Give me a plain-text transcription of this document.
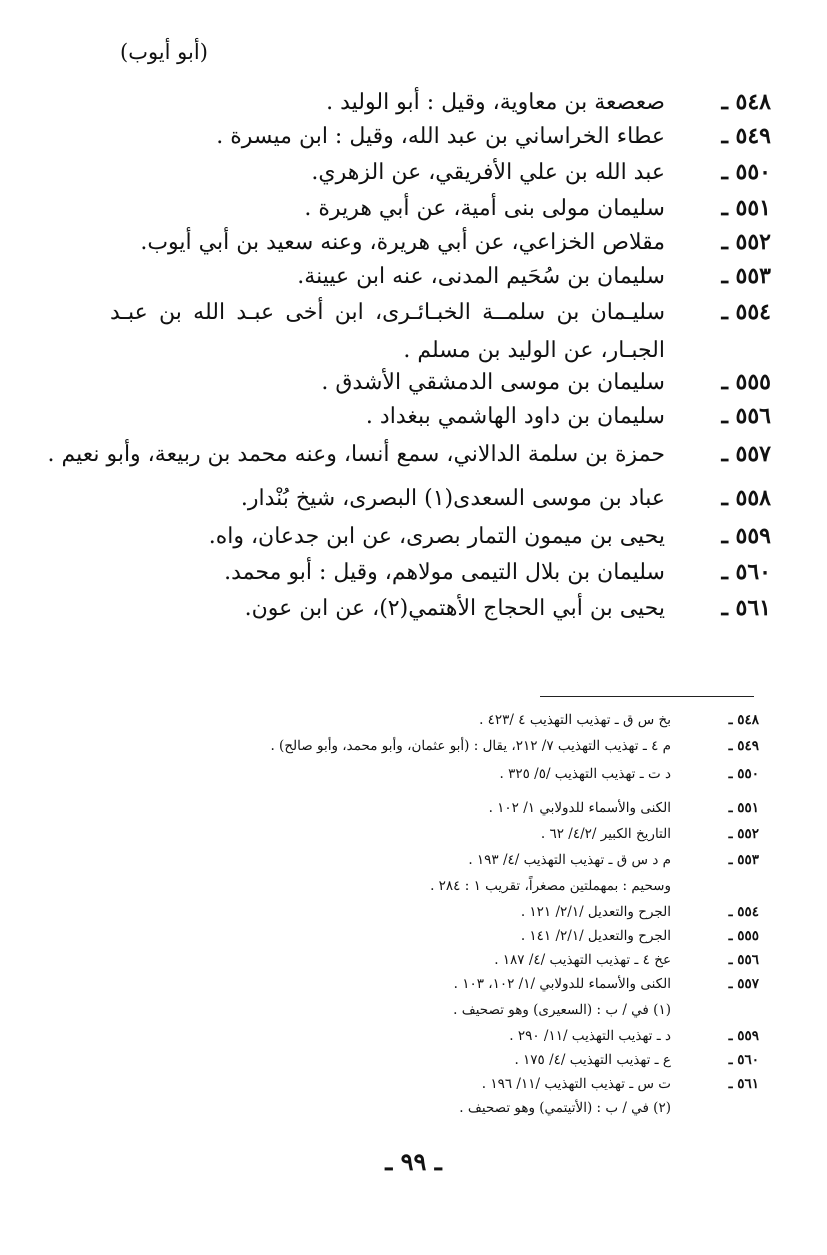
(أبو أيوب)
٥٤٨ ـ
صعصعة بن معاوية، وقيل : أبو الوليد .
٥٤٩ ـ
عطاء الخراساني بن عبد الله، وقيل : ابن ميسرة .
٥٥٠ ـ
عبد الله بن علي الأفريقي، عن الزهري.
٥٥١ ـ
سليمان مولى بنى أمية، عن أبي هريرة .
٥٥٢ ـ
مقلاص الخزاعي، عن أبي هريرة، وعنه سعيد بن أبي أيوب.
٥٥٣ ـ
سليمان بن سُحَيم المدنى، عنه ابن عيينة.
٥٥٤ ـ
سليـمان بن سلمــة الخبـائـرى، ابن أخى عبـد الله بن عبـد الجبـار، عن الوليد بن مسلم .
٥٥٥ ـ
سليمان بن موسى الدمشقي الأشدق .
٥٥٦ ـ
سليمان بن داود الهاشمي ببغداد .
٥٥٧ ـ
حمزة بن سلمة الدالاني، سمع أنسا، وعنه محمد بن ربيعة، وأبو نعيم .
٥٥٨ ـ
عباد بن موسى السعدى(١) البصرى، شيخ بُنْدار.
٥٥٩ ـ
يحيى بن ميمون التمار بصرى، عن ابن جدعان، واه.
٥٦٠ ـ
سليمان بن بلال التيمى مولاهم، وقيل : أبو محمد.
٥٦١ ـ
يحيى بن أبي الحجاج الأهتمي(٢)، عن ابن عون.
٥٤٨ ـ
بخ س ق ـ تهذيب التهذيب ٤ /٤٢٣ .
٥٤٩ ـ
م ٤ ـ تهذيب التهذيب ٧/ ٢١٢، يقال : (أبو عثمان، وأبو محمد، وأبو صالح) .
٥٥٠ ـ
د ت ـ تهذيب التهذيب /٥/ ٣٢٥ .
٥٥١ ـ
الكنى والأسماء للدولابي ١/ ١٠٢ .
٥٥٢ ـ
التاريخ الكبير /٤/٢/ ٦٢ .
٥٥٣ ـ
م د س ق ـ تهذيب التهذيب /٤/ ١٩٣ .
وسحيم : بمهملتين مصغراً، تقريب ١ : ٢٨٤ .
٥٥٤ ـ
الجرح والتعديل /٢/١/ ١٢١ .
٥٥٥ ـ
الجرح والتعديل /٢/١/ ١٤١ .
٥٥٦ ـ
عخ ٤ ـ تهذيب التهذيب /٤/ ١٨٧ .
٥٥٧ ـ
الكنى والأسماء للدولابي /١/ ١٠٢، ١٠٣ .
(١) في / ب : (السعيرى) وهو تصحيف .
٥٥٩ ـ
د ـ تهذيب التهذيب /١١/ ٢٩٠ .
٥٦٠ ـ
ع ـ تهذيب التهذيب /٤/ ١٧٥ .
٥٦١ ـ
ت س ـ تهذيب التهذيب /١١/ ١٩٦ .
(٢) في / ب : (الأتيتمي) وهو تصحيف .
ـ ٩٩ ـ
